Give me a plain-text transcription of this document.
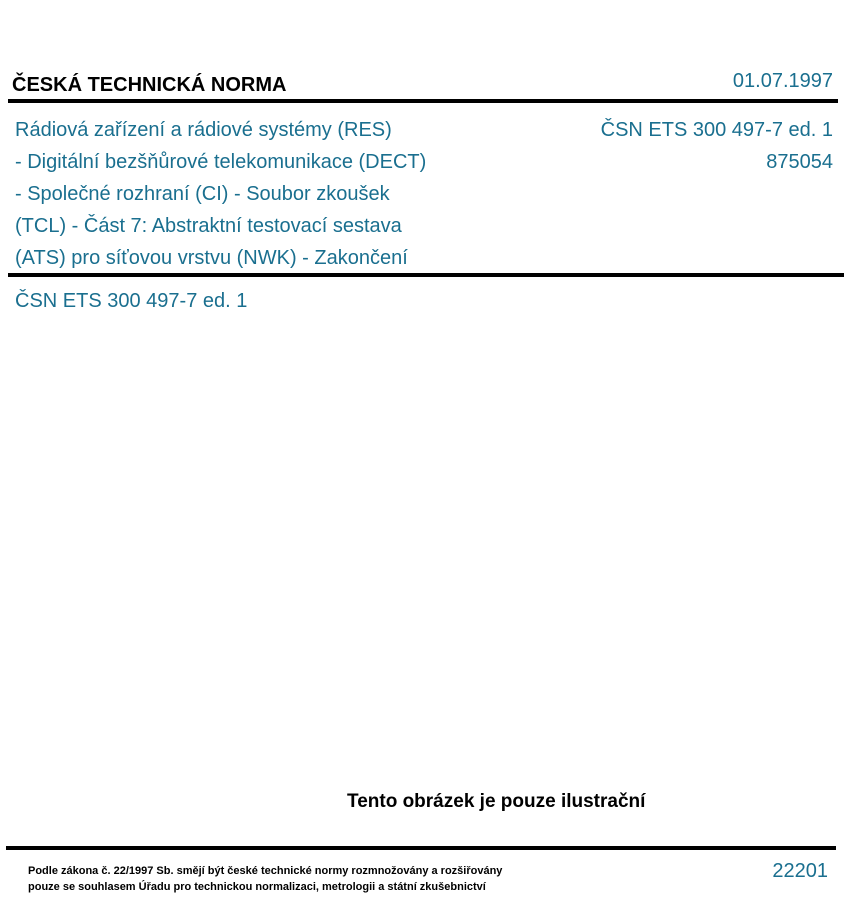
ČESKÁ TECHNICKÁ NORMA	01.07.1997
Rádiová zařízení a rádiové systémy (RES)
- Digitální bezšňůrové telekomunikace (DECT)
- Společné rozhraní (CI) - Soubor zkoušek
(TCL) - Část 7: Abstraktní testovací sestava
(ATS) pro síťovou vrstvu (NWK) - Zakončení
ČSN ETS 300 497-7 ed. 1
875054
ČSN ETS 300 497-7 ed. 1
Tento obrázek je pouze ilustrační
Podle zákona č. 22/1997 Sb. smějí být české technické normy rozmnožovány a rozšiřovány
pouze se souhlasem Úřadu pro technickou normalizaci, metrologii a státní zkušebnictví
22201
